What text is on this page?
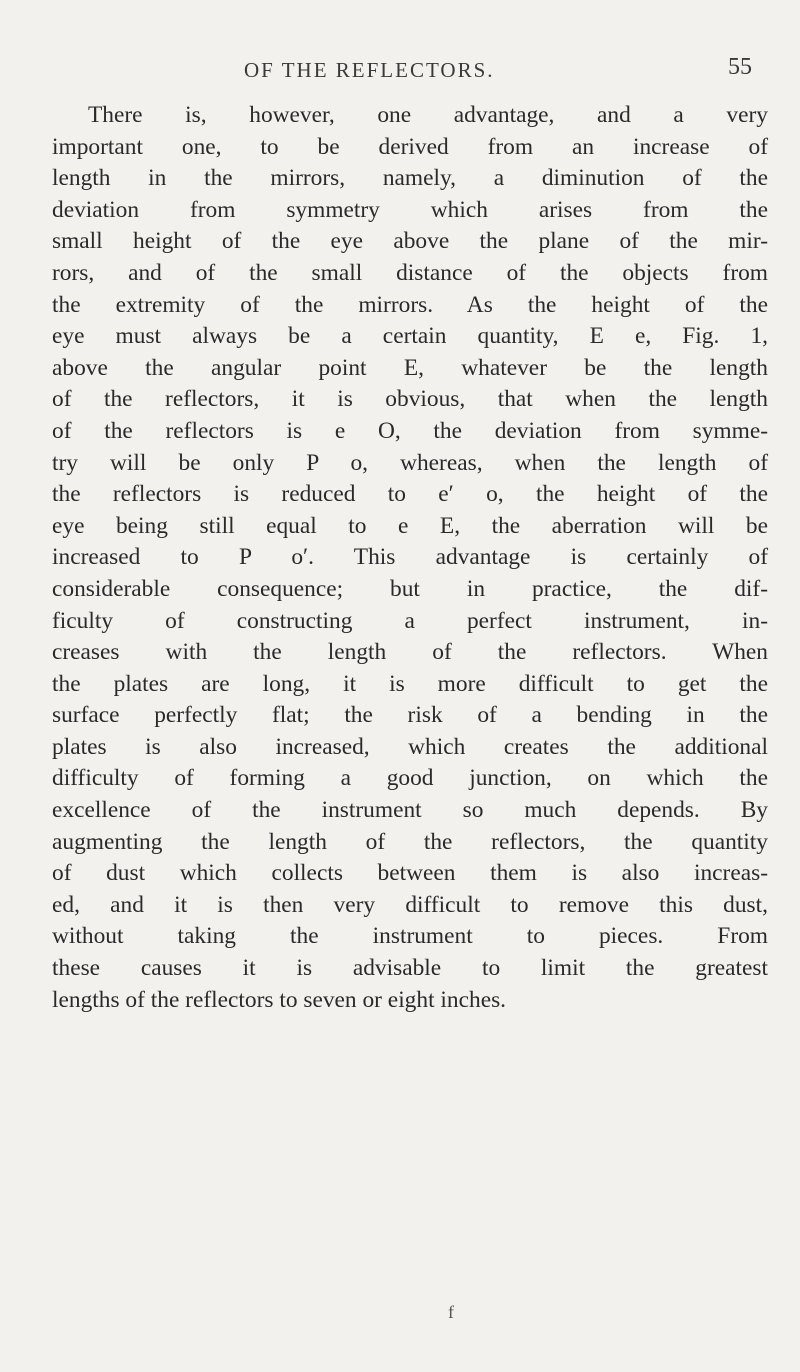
OF THE REFLECTORS.	55
There is, however, one advantage, and a very
important one, to be derived from an increase of
length in the mirrors, namely, a diminution of the
deviation from symmetry which arises from the
small height of the eye above the plane of the mir-
rors, and of the small distance of the objects from
the extremity of the mirrors. As the height of the
eye must always be a certain quantity, E e, Fig. 1,
above the angular point E, whatever be the length
of the reflectors, it is obvious, that when the length
of the reflectors is e O, the deviation from symme-
try will be only P o, whereas, when the length of
the reflectors is reduced to e′ o, the height of the
eye being still equal to e E, the aberration will be
increased to P o′. This advantage is certainly of
considerable consequence; but in practice, the dif-
ficulty of constructing a perfect instrument, in-
creases with the length of the reflectors. When
the plates are long, it is more difficult to get the
surface perfectly flat; the risk of a bending in the
plates is also increased, which creates the additional
difficulty of forming a good junction, on which the
excellence of the instrument so much depends. By
augmenting the length of the reflectors, the quantity
of dust which collects between them is also increas-
ed, and it is then very difficult to remove this dust,
without taking the instrument to pieces. From
these causes it is advisable to limit the greatest
lengths of the reflectors to seven or eight inches.
f
